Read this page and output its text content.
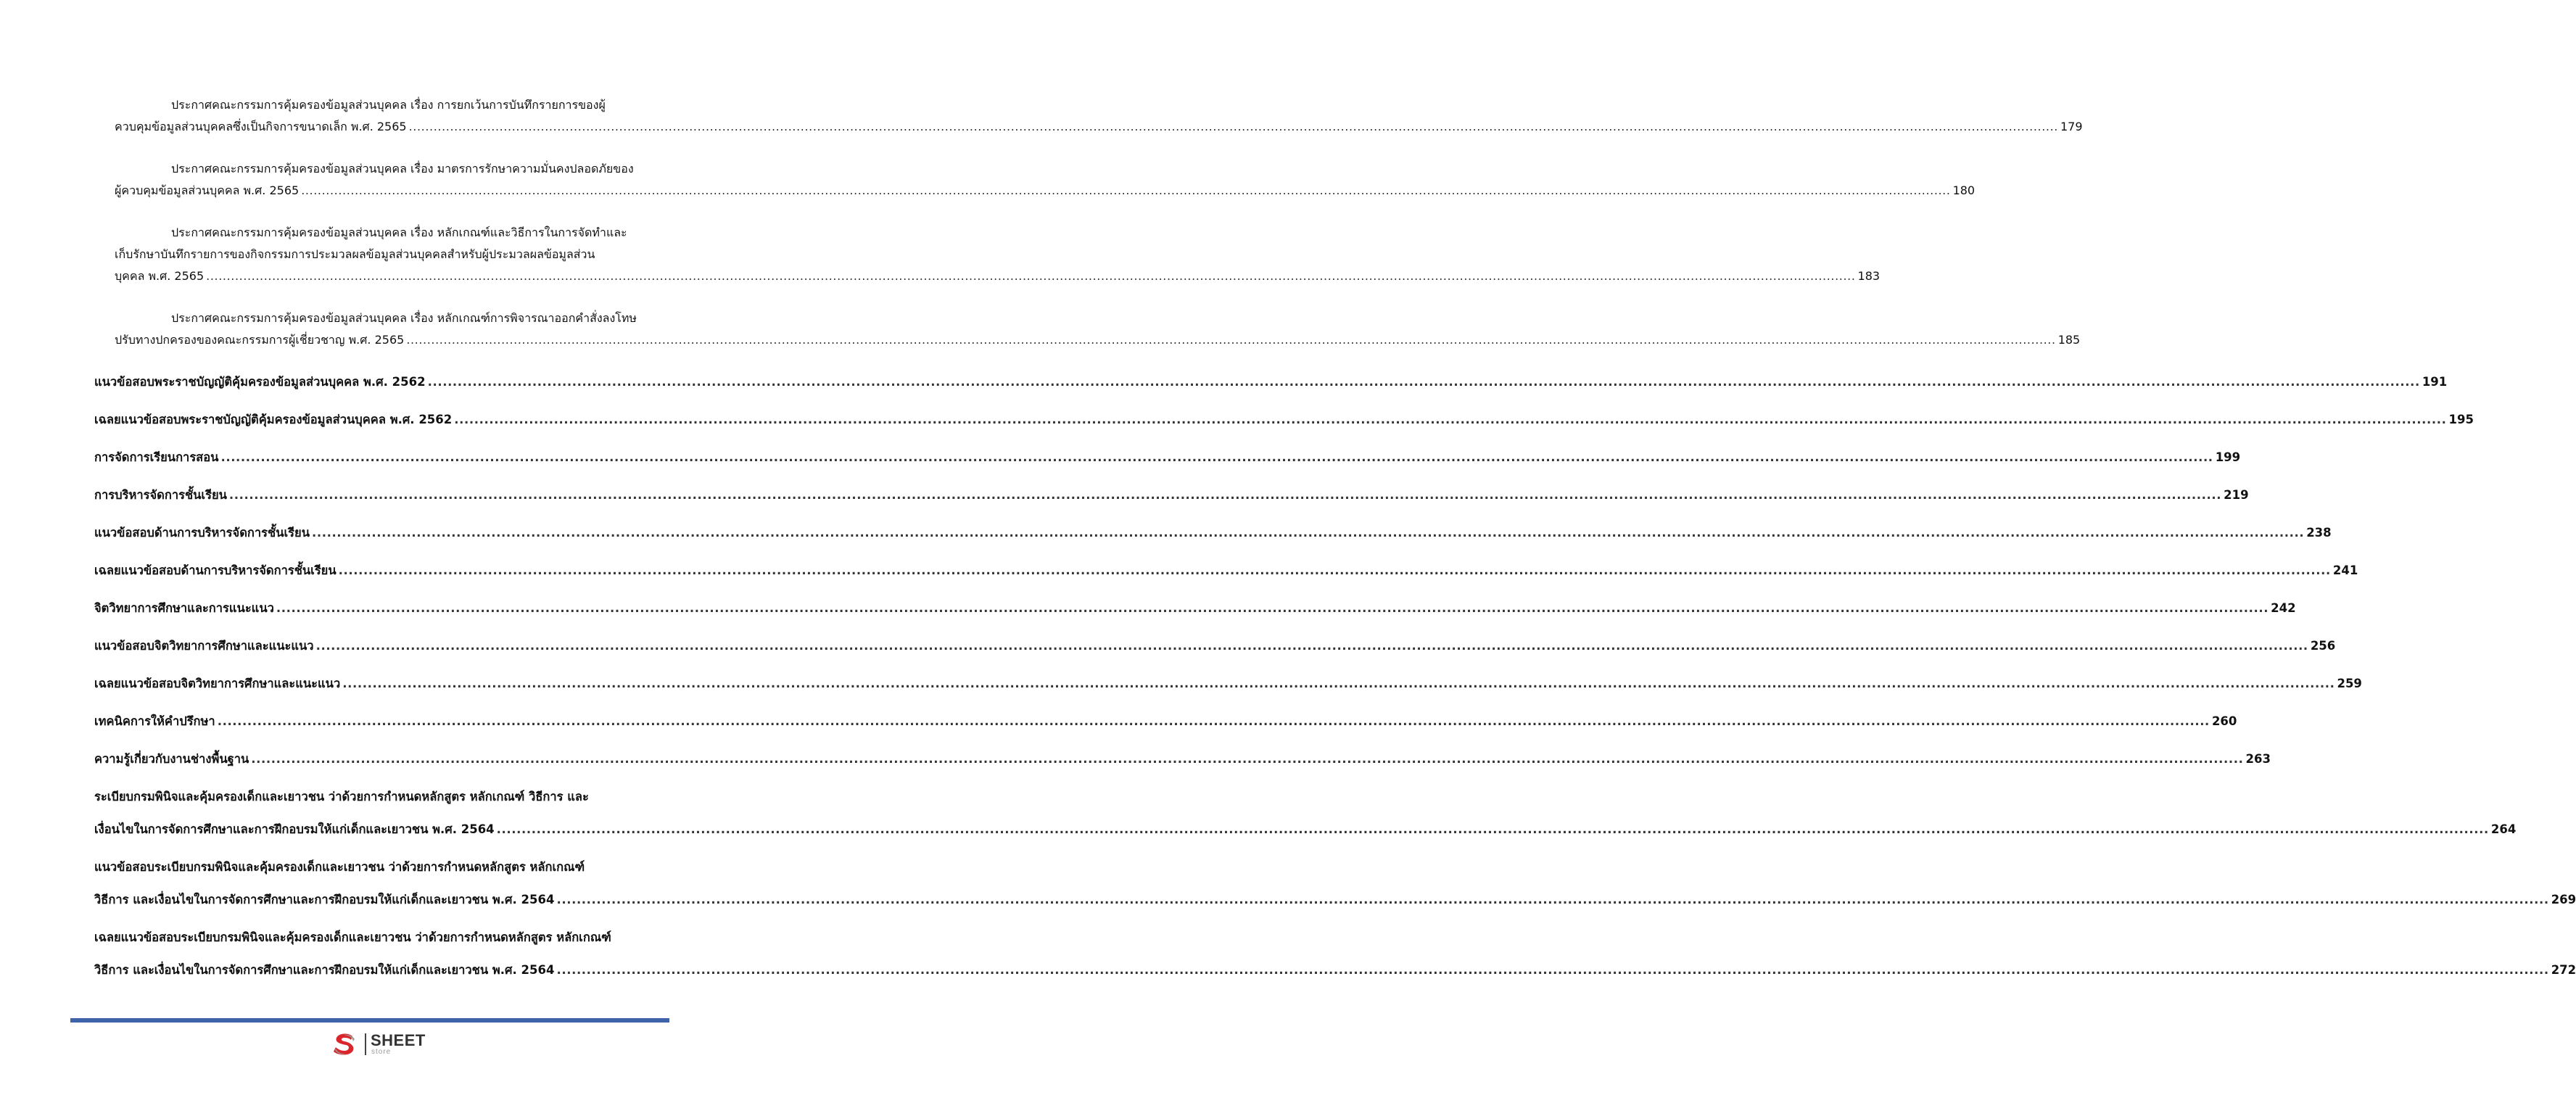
ประกาศคณะกรรมการคุ้มครองข้อมูลส่วนบุคคล เรื่อง การยกเว้นการบันทึกรายการของผู้
ควบคุมข้อมูลส่วนบุคคลซึ่งเป็นกิจการขนาดเล็ก พ.ศ. 2565 ................................................................................................................................................................................................................................................................................................................................................................................................................ 179
ประกาศคณะกรรมการคุ้มครองข้อมูลส่วนบุคคล เรื่อง มาตรการรักษาความมั่นคงปลอดภัยของ
ผู้ควบคุมข้อมูลส่วนบุคคล พ.ศ. 2565 ................................................................................................................................................................................................................................................................................................................................................................................................................ 180
ประกาศคณะกรรมการคุ้มครองข้อมูลส่วนบุคคล เรื่อง หลักเกณฑ์และวิธีการในการจัดทำและ
เก็บรักษาบันทึกรายการของกิจกรรมการประมวลผลข้อมูลส่วนบุคคลสำหรับผู้ประมวลผลข้อมูลส่วน
บุคคล พ.ศ. 2565 ................................................................................................................................................................................................................................................................................................................................................................................................................ 183
ประกาศคณะกรรมการคุ้มครองข้อมูลส่วนบุคคล เรื่อง หลักเกณฑ์การพิจารณาออกคำสั่งลงโทษ
ปรับทางปกครองของคณะกรรมการผู้เชี่ยวชาญ พ.ศ. 2565 ................................................................................................................................................................................................................................................................................................................................................................................................................ 185
แนวข้อสอบพระราชบัญญัติคุ้มครองข้อมูลส่วนบุคคล พ.ศ. 2562 ................................................................................................................................................................................................................................................................................................................................................................................................................ 191
เฉลยแนวข้อสอบพระราชบัญญัติคุ้มครองข้อมูลส่วนบุคคล พ.ศ. 2562 ................................................................................................................................................................................................................................................................................................................................................................................................................ 195
การจัดการเรียนการสอน ................................................................................................................................................................................................................................................................................................................................................................................................................ 199
การบริหารจัดการชั้นเรียน ................................................................................................................................................................................................................................................................................................................................................................................................................ 219
แนวข้อสอบด้านการบริหารจัดการชั้นเรียน ................................................................................................................................................................................................................................................................................................................................................................................................................ 238
เฉลยแนวข้อสอบด้านการบริหารจัดการชั้นเรียน ................................................................................................................................................................................................................................................................................................................................................................................................................ 241
จิตวิทยาการศึกษาและการแนะแนว ................................................................................................................................................................................................................................................................................................................................................................................................................ 242
แนวข้อสอบจิตวิทยาการศึกษาและแนะแนว ................................................................................................................................................................................................................................................................................................................................................................................................................ 256
เฉลยแนวข้อสอบจิตวิทยาการศึกษาและแนะแนว ................................................................................................................................................................................................................................................................................................................................................................................................................ 259
เทคนิคการให้คำปรึกษา ................................................................................................................................................................................................................................................................................................................................................................................................................ 260
ความรู้เกี่ยวกับงานช่างพื้นฐาน ................................................................................................................................................................................................................................................................................................................................................................................................................ 263
ระเบียบกรมพินิจและคุ้มครองเด็กและเยาวชน ว่าด้วยการกำหนดหลักสูตร หลักเกณฑ์ วิธีการ และ
เงื่อนไขในการจัดการศึกษาและการฝึกอบรมให้แก่เด็กและเยาวชน พ.ศ. 2564 ................................................................................................................................................................................................................................................................................................................................................................................................................ 264
แนวข้อสอบระเบียบกรมพินิจและคุ้มครองเด็กและเยาวชน ว่าด้วยการกำหนดหลักสูตร หลักเกณฑ์
วิธีการ และเงื่อนไขในการจัดการศึกษาและการฝึกอบรมให้แก่เด็กและเยาวชน พ.ศ. 2564 ................................................................................................................................................................................................................................................................................................................................................................................................................ 269
เฉลยแนวข้อสอบระเบียบกรมพินิจและคุ้มครองเด็กและเยาวชน ว่าด้วยการกำหนดหลักสูตร หลักเกณฑ์
วิธีการ และเงื่อนไขในการจัดการศึกษาและการฝึกอบรมให้แก่เด็กและเยาวชน พ.ศ. 2564 ................................................................................................................................................................................................................................................................................................................................................................................................................ 272
SHEET
store
